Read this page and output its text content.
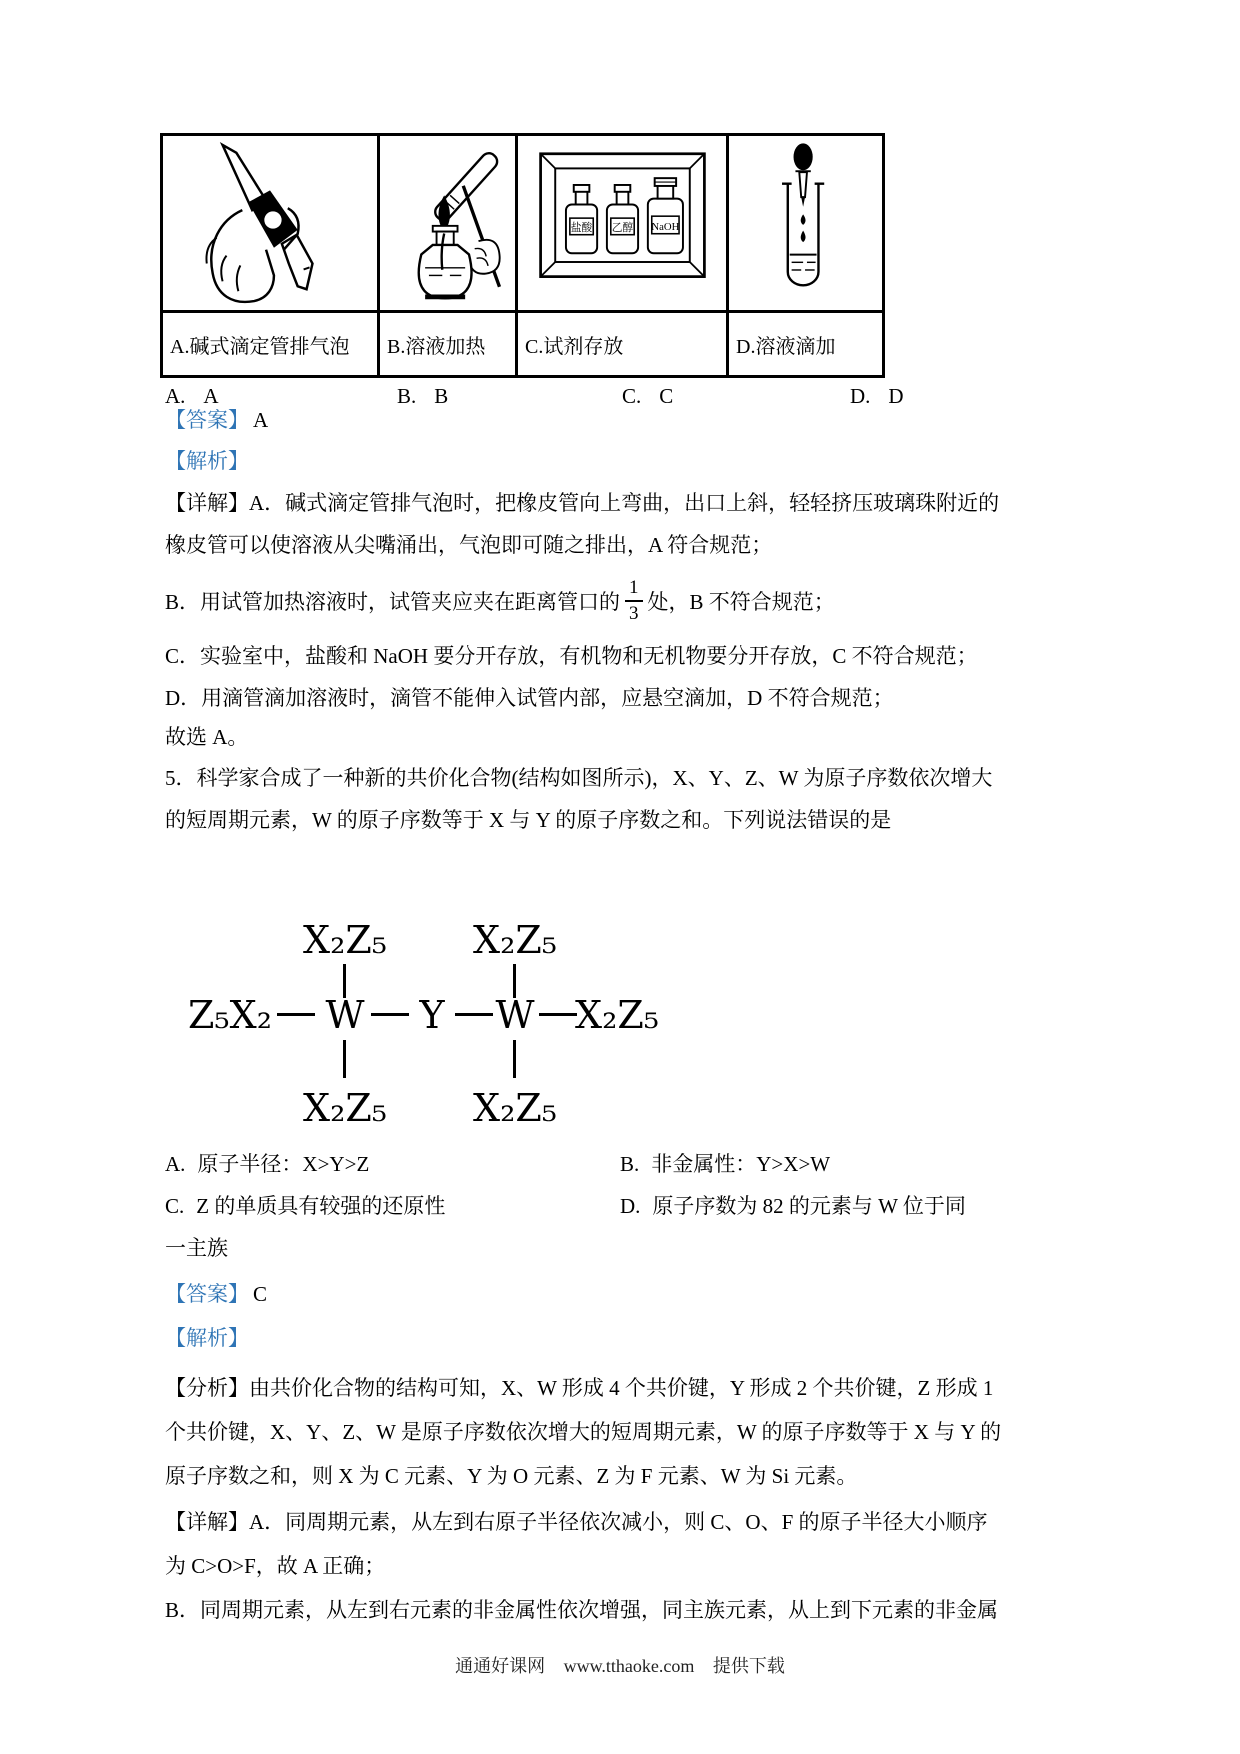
盐酸 乙醇 NaOH

A.碱式滴定管排气泡	B.溶液加热	C.试剂存放	D.溶液滴加
A. A	B. B	C. C	D. D
【答案】 A
【解析】
【详解】A．碱式滴定管排气泡时，把橡皮管向上弯曲，出口上斜，轻轻挤压玻璃珠附近的
橡皮管可以使溶液从尖嘴涌出，气泡即可随之排出，A 符合规范；
B．用试管加热溶液时，试管夹应夹在距离管口的 $\frac{1}{3}$ 处，B 不符合规范；
C．实验室中，盐酸和 NaOH 要分开存放，有机物和无机物要分开存放，C 不符合规范；
D．用滴管滴加溶液时，滴管不能伸入试管内部，应悬空滴加，D 不符合规范；
故选 A。
5．科学家合成了一种新的共价化合物(结构如图所示)，X、Y、Z、W 为原子序数依次增大
的短周期元素，W 的原子序数等于 X 与 Y 的原子序数之和。下列说法错误的是
X₂Z₅ X₂Z₅
Z₅X₂ W Y W X₂Z₅
X₂Z₅ X₂Z₅
A. 原子半径：X>Y>Z	B. 非金属性：Y>X>W
C. Z 的单质具有较强的还原性	D. 原子序数为 82 的元素与 W 位于同
一主族
【答案】 C
【解析】
【分析】由共价化合物的结构可知，X、W 形成 4 个共价键，Y 形成 2 个共价键，Z 形成 1
个共价键，X、Y、Z、W 是原子序数依次增大的短周期元素，W 的原子序数等于 X 与 Y 的
原子序数之和，则 X 为 C 元素、Y 为 O 元素、Z 为 F 元素、W 为 Si 元素。
【详解】A．同周期元素，从左到右原子半径依次减小，则 C、O、F 的原子半径大小顺序
为 C>O>F，故 A 正确；
B．同周期元素，从左到右元素的非金属性依次增强，同主族元素，从上到下元素的非金属
通通好课网 www.tthaoke.com 提供下载
